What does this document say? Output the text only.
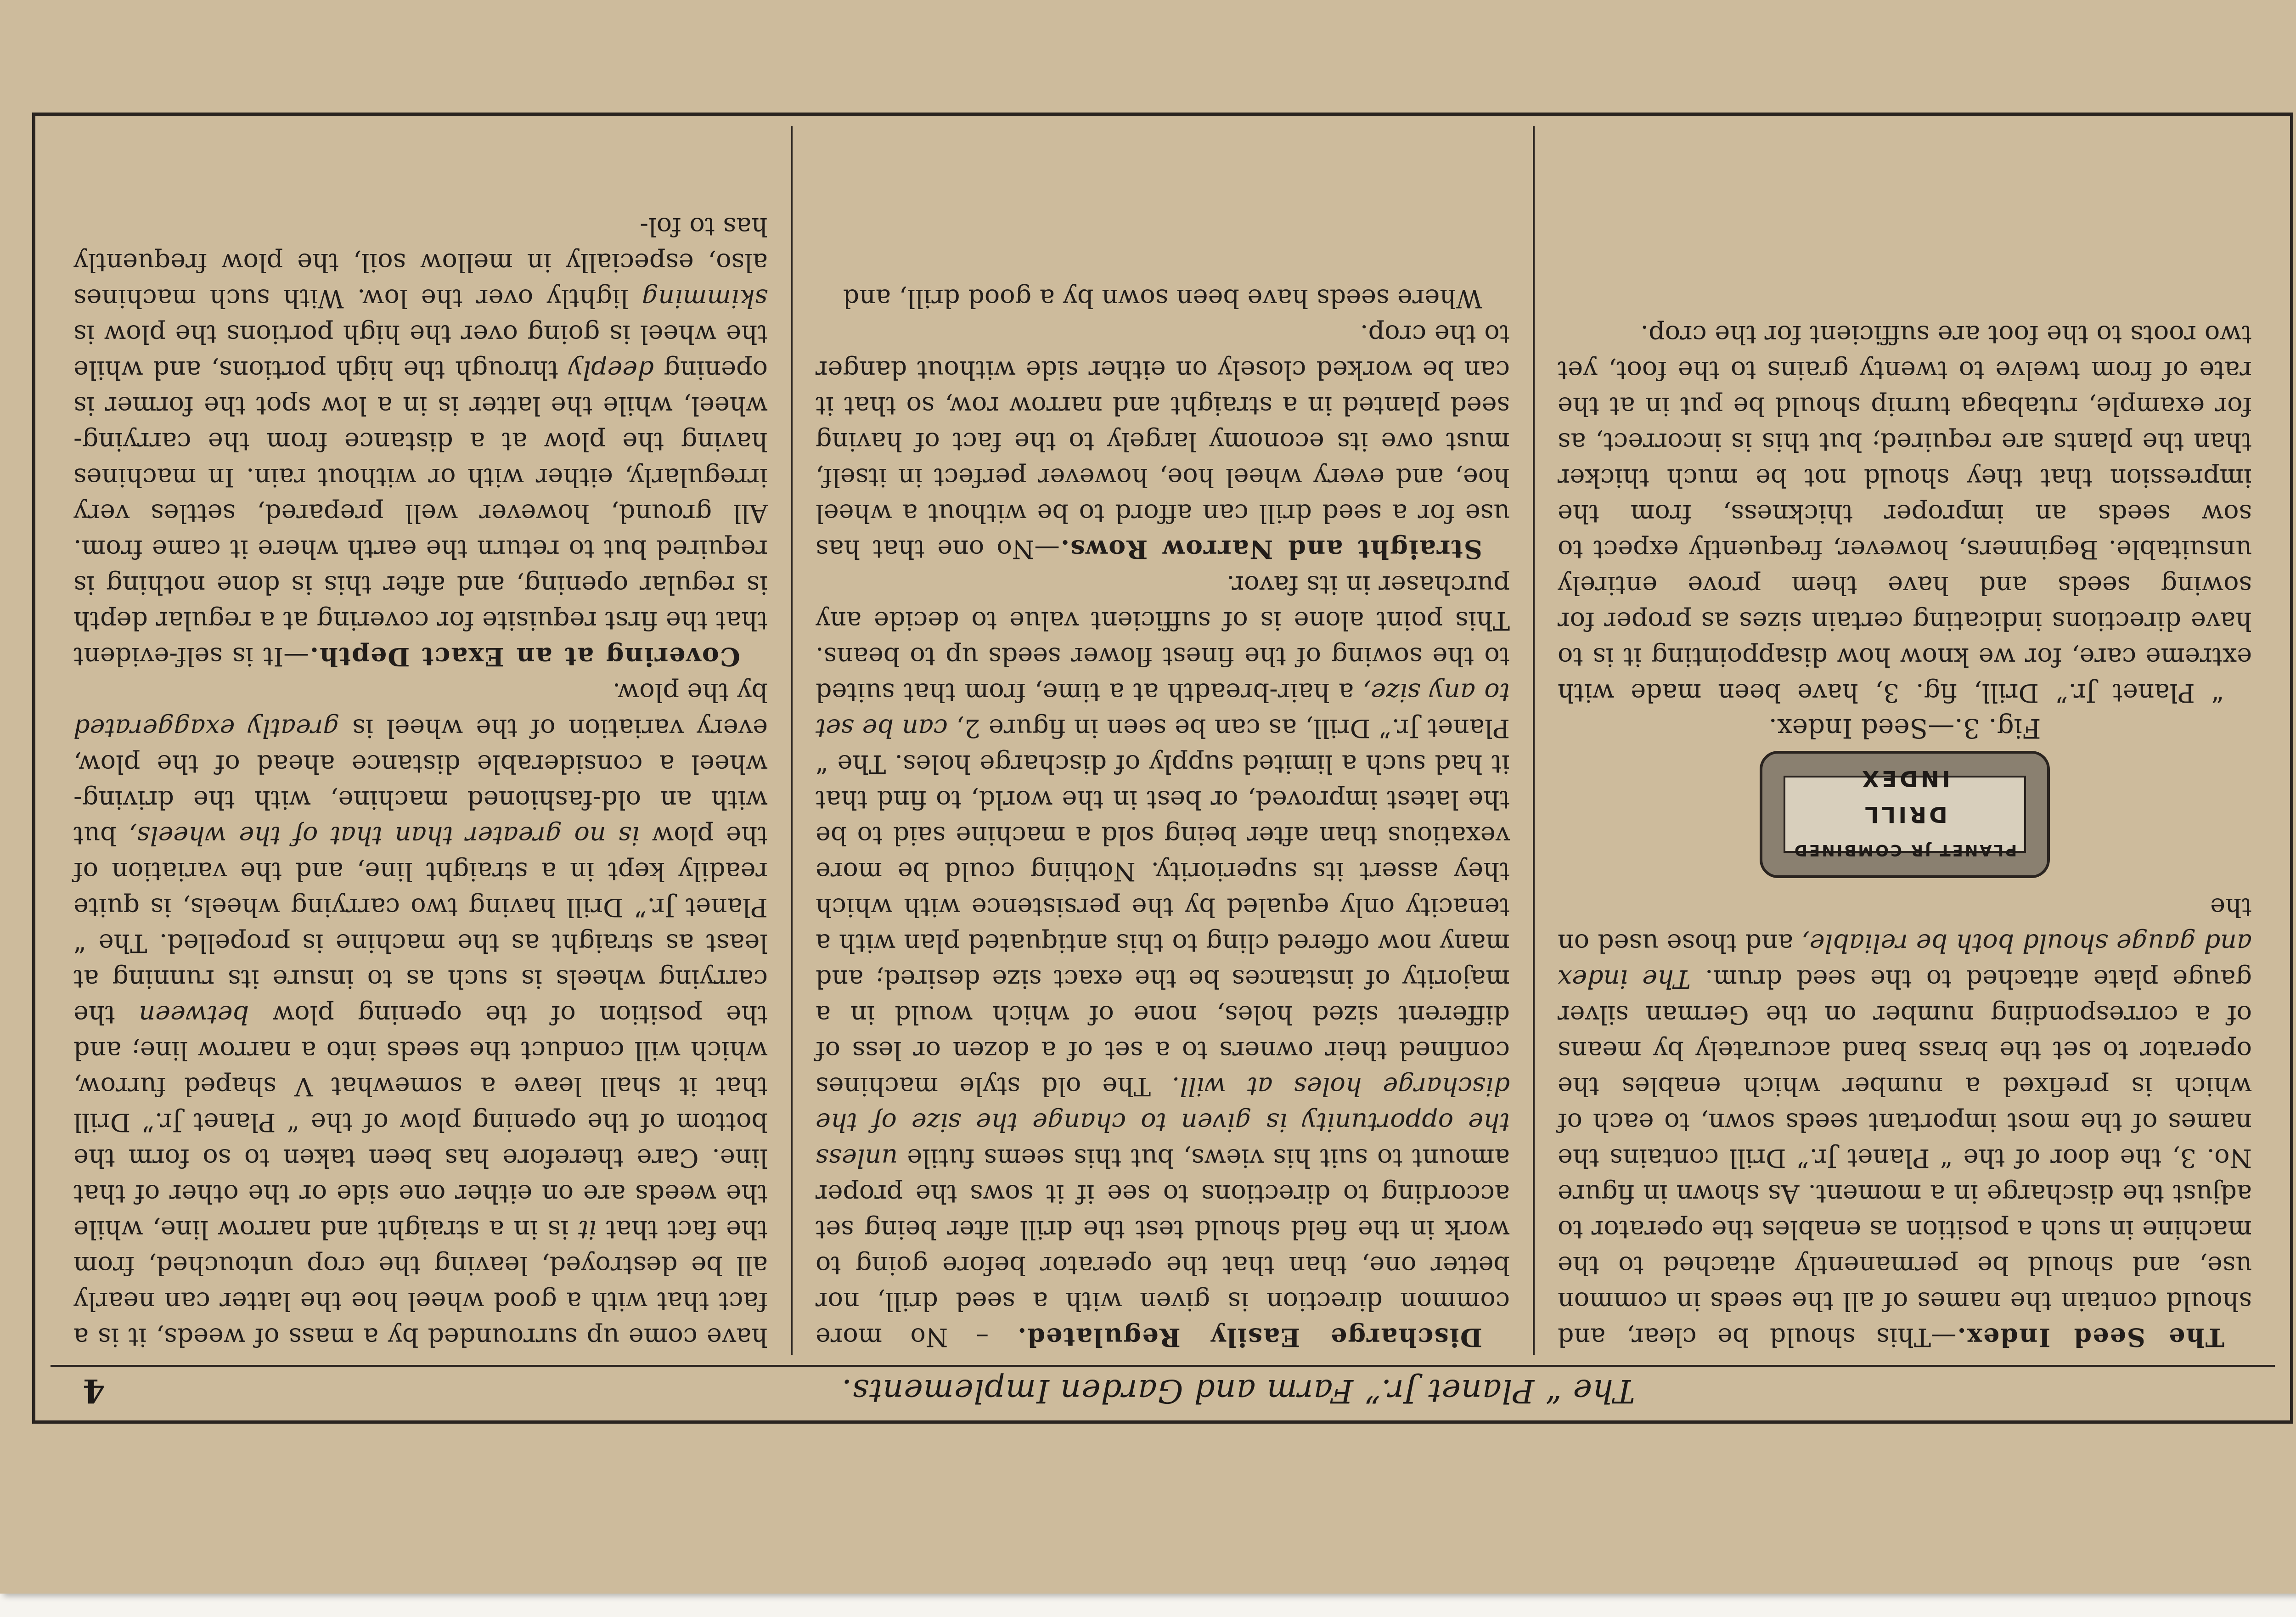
The “ Planet Jr.” Farm and Garden Implements.
4

The Seed Index.—This should be clear, and should contain the names of all the seeds in common use, and should be permanently attached to the machine in such a position as enables the operator to adjust the discharge in a moment. As shown in figure No. 3, the door of the “ Planet Jr.” Drill contains the names of the most important seeds sown, to each of which is prefixed a number which enables the operator to set the brass band accurately by means of a corresponding number on the German silver gauge plate attached to the seed drum. The index and gauge should both be reliable, and those used on the

PLANET JR COMBINED
DRILL
INDEX

Fig. 3.—Seed Index.

“ Planet Jr.” Drill, fig. 3, have been made with extreme care, for we know how disappointing it is to have directions indicating certain sizes as proper for sowing seeds and have them prove entirely unsuitable. Beginners, however, frequently expect to sow seeds an improper thickness, from the impression that they should not be much thicker than the plants are required; but this is incorrect, as for example, rutabaga turnip should be put in at the rate of from twelve to twenty grains to the foot, yet two roots to the foot are sufficient for the crop.

Discharge Easily Regulated. – No more common direction is given with a seed drill, nor better one, than that the operator before going to work in the field should test the drill after being set according to directions to see if it sows the proper amount to suit his views, but this seems futile unless the opportunity is given to change the size of the discharge holes at will. The old style machines confined their owners to a set of a dozen or less of different sized holes, none of which would in a majority of instances be the exact size desired; and many now offered cling to this antiquated plan with a tenacity only equaled by the persistence with which they assert its superiority. Nothing could be more vexatious than after being sold a machine said to be the latest improved, or best in the world, to find that it had such a limited supply of discharge holes. The “ Planet Jr.” Drill, as can be seen in figure 2, can be set to any size, a hair-breadth at a time, from that suited to the sowing of the finest flower seeds up to beans. This point alone is of sufficient value to decide any purchaser in its favor.

Straight and Narrow Rows.—No one that has use for a seed drill can afford to be without a wheel hoe, and every wheel hoe, however perfect in itself, must owe its economy largely to the fact of having seed planted in a straight and narrow row, so that it can be worked closely on either side without danger to the crop.

Where seeds have been sown by a good drill, and

have come up surrounded by a mass of weeds, it is a fact that with a good wheel hoe the latter can nearly all be destroyed, leaving the crop untouched, from the fact that it is in a straight and narrow line, while the weeds are on either one side or the other of that line. Care therefore has been taken to so form the bottom of the opening plow of the “ Planet Jr.” Drill that it shall leave a somewhat V shaped furrow, which will conduct the seeds into a narrow line; and the position of the opening plow between the carrying wheels is such as to insure its running at least as straight as the machine is propelled. The “ Planet Jr.” Drill having two carrying wheels, is quite readily kept in a straight line, and the variation of the plow is no greater than that of the wheels, but with an old-fashioned machine, with the driving-wheel a considerable distance ahead of the plow, every variation of the wheel is greatly exaggerated by the plow.

Covering at an Exact Depth.—It is self-evident that the first requisite for covering at a regular depth is regular opening, and after this is done nothing is required but to return the earth where it came from. All ground, however well prepared, settles very irregularly, either with or without rain. In machines having the plow at a distance from the carrying-wheel, while the latter is in a low spot the former is opening deeply through the high portions, and while the wheel is going over the high portions the plow is skimming lightly over the low. With such machines also, especially in mellow soil, the plow frequently has to fol-
